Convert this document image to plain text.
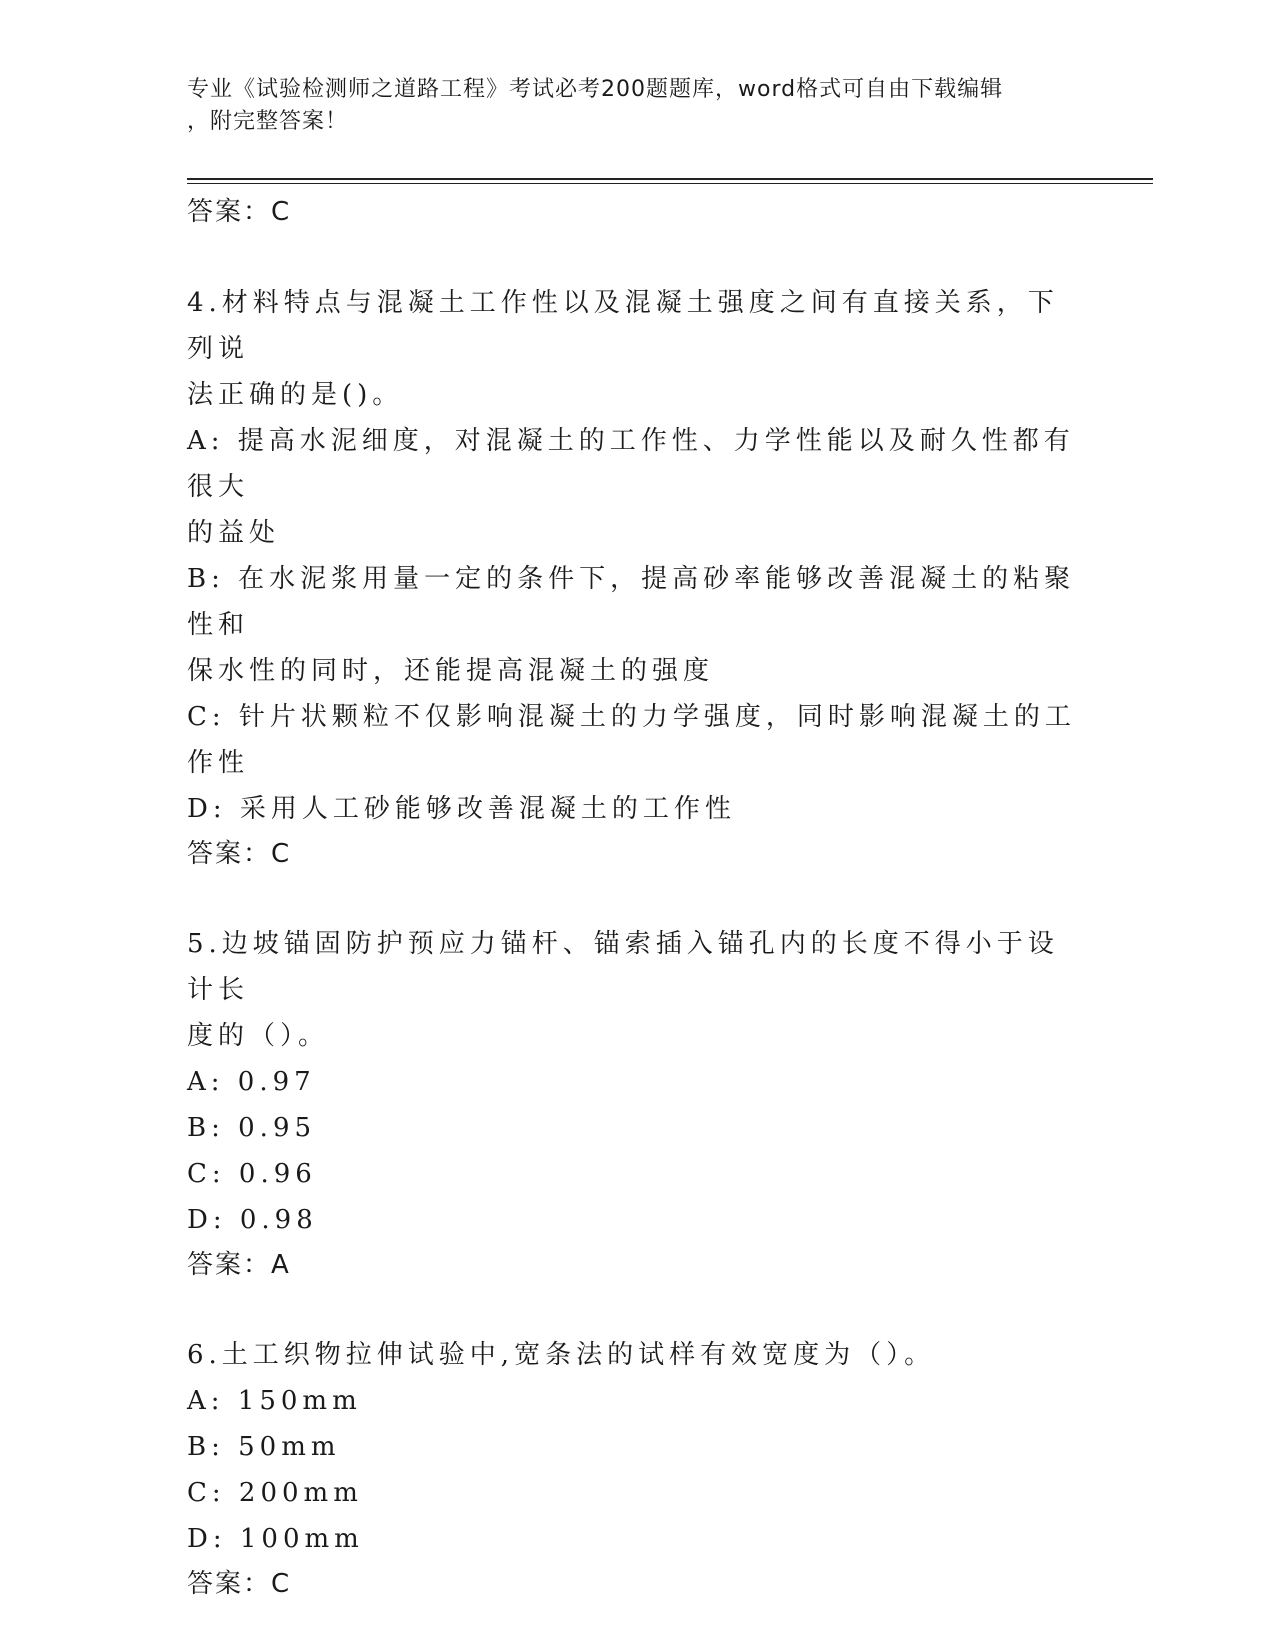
专业《试验检测师之道路工程》考试必考200题题库，word格式可自由下载编辑
，附完整答案！

答案：C

4.材料特点与混凝土工作性以及混凝土强度之间有直接关系，下列说

法正确的是()。

A: 提高水泥细度，对混凝土的工作性、力学性能以及耐久性都有很大

的益处

B: 在水泥浆用量一定的条件下，提高砂率能够改善混凝土的粘聚性和

保水性的同时，还能提高混凝土的强度

C: 针片状颗粒不仅影响混凝土的力学强度，同时影响混凝土的工作性

D: 采用人工砂能够改善混凝土的工作性

答案：C

5.边坡锚固防护预应力锚杆、锚索插入锚孔内的长度不得小于设计长

度的（）。

A: 0.97

B: 0.95

C: 0.96

D: 0.98

答案：A

6.土工织物拉伸试验中,宽条法的试样有效宽度为（）。

A: 150mm

B: 50mm

C: 200mm

D: 100mm

答案：C
